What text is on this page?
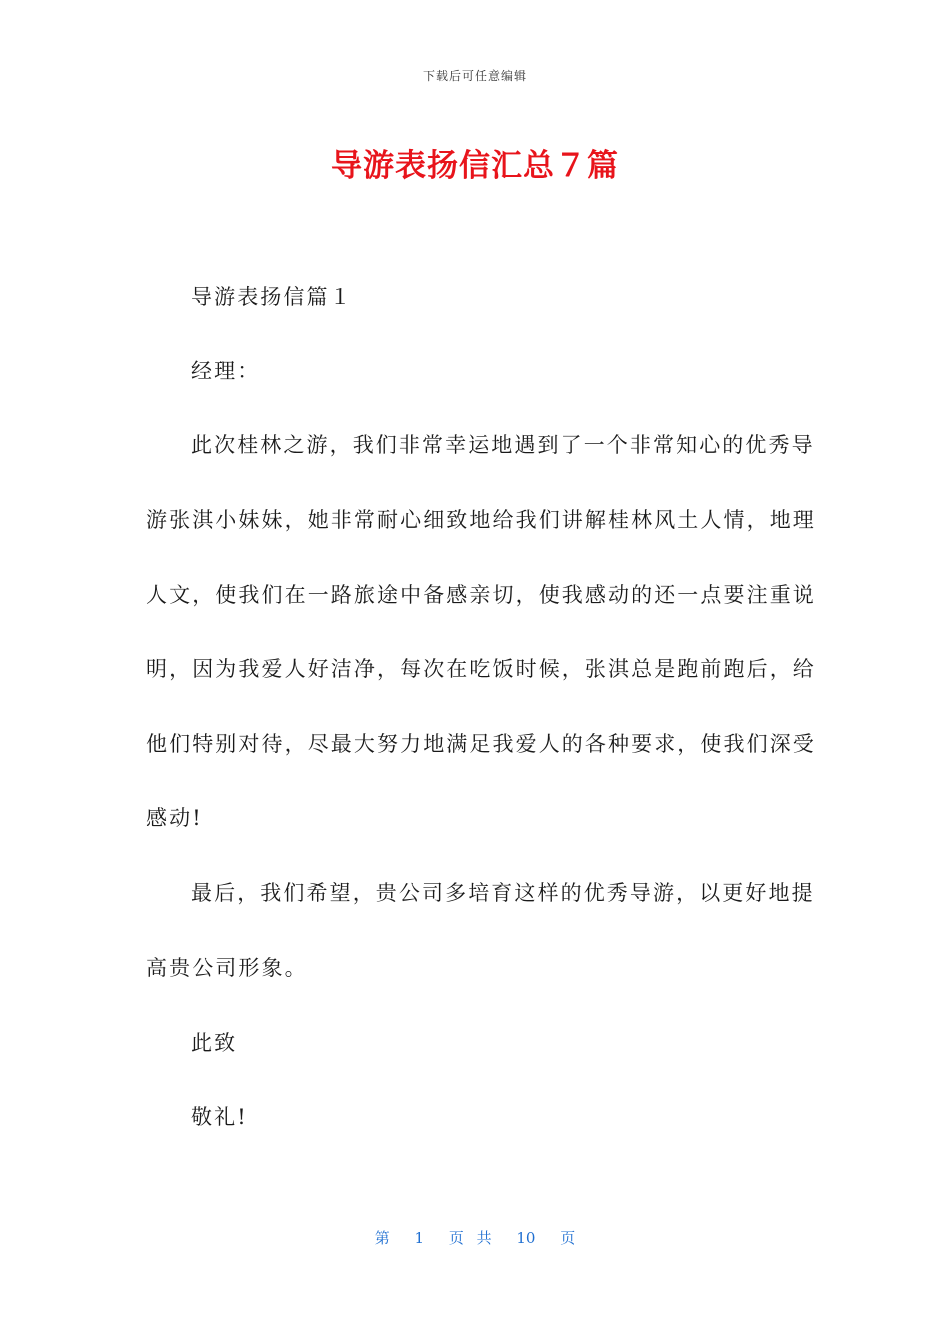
下载后可任意编辑
导游表扬信汇总７篇
导游表扬信篇１
经理：
此次桂林之游，我们非常幸运地遇到了一个非常知心的优秀导
游张淇小妹妹，她非常耐心细致地给我们讲解桂林风土人情，地理
人文，使我们在一路旅途中备感亲切，使我感动的还一点要注重说
明，因为我爱人好洁净，每次在吃饭时候，张淇总是跑前跑后，给
他们特别对待，尽最大努力地满足我爱人的各种要求，使我们深受
感动!
最后，我们希望，贵公司多培育这样的优秀导游，以更好地提
高贵公司形象。
此致
敬礼!
第 1 页 共 10 页
